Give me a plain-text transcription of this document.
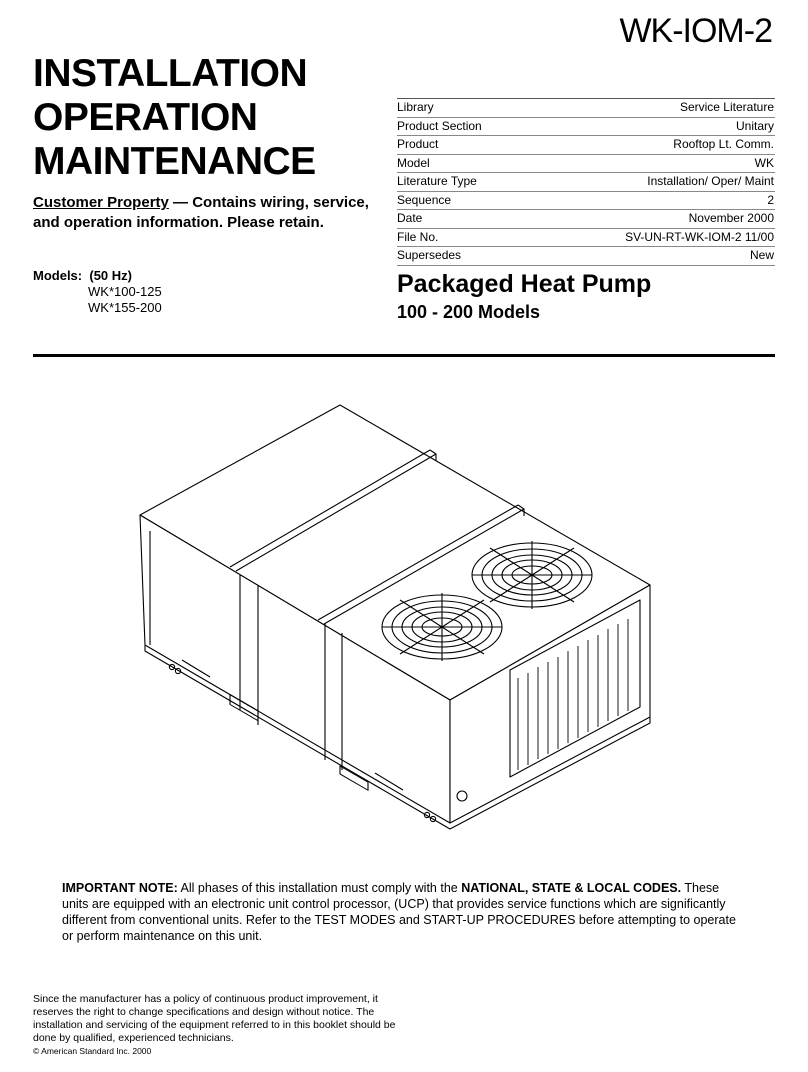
WK-IOM-2
INSTALLATION
OPERATION
MAINTENANCE
Customer Property — Contains wiring, service, and operation information. Please retain.
Library	Service Literature
Product Section	Unitary
Product	Rooftop Lt. Comm.
Model	WK
Literature Type	Installation/ Oper/ Maint
Sequence	2
Date	November 2000
File No.	SV-UN-RT-WK-IOM-2 11/00
Supersedes	New
Models: (50 Hz)
WK*100-125
WK*155-200
Packaged Heat Pump
100 - 200 Models
IMPORTANT NOTE: All phases of this installation must comply with the NATIONAL, STATE & LOCAL CODES. These units are equipped with an electronic unit control processor, (UCP) that provides service functions which are significantly different from conventional units. Refer to the TEST MODES and START-UP PROCEDURES before attempting to operate or perform maintenance on this unit.
Since the manufacturer has a policy of continuous product improvement, it reserves the right to change specifications and design without notice. The installation and servicing of the equipment referred to in this booklet should be done by qualified, experienced technicians.
© American Standard Inc. 2000
